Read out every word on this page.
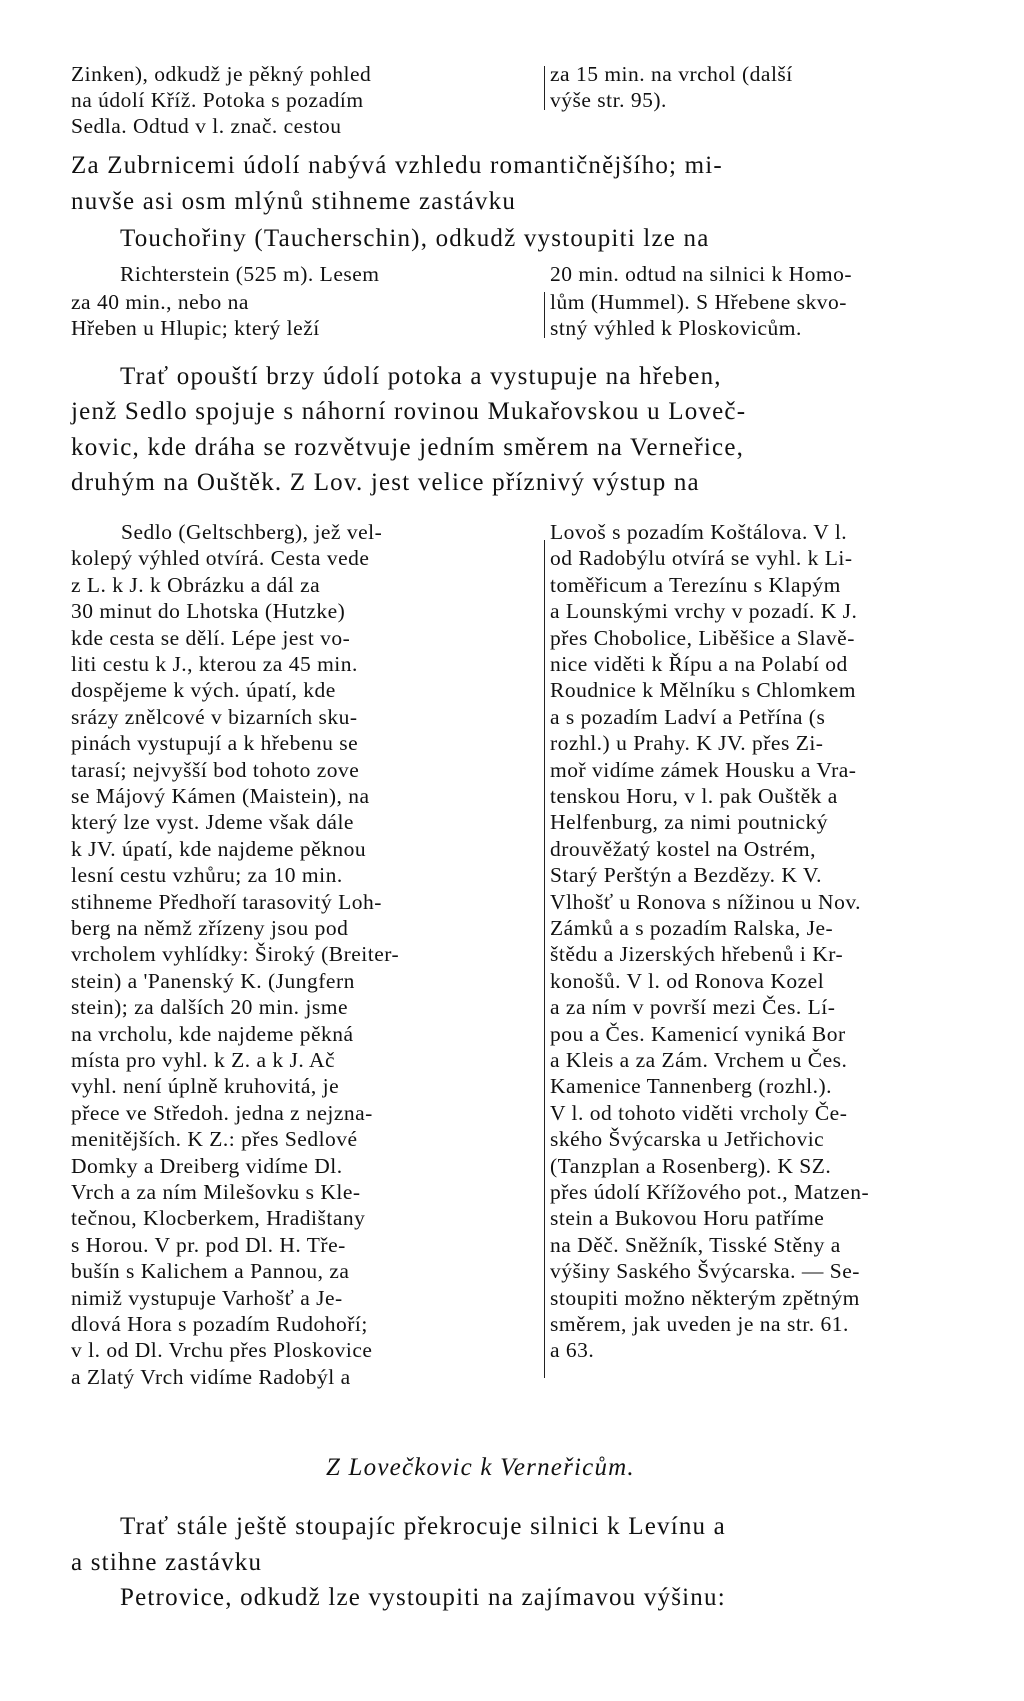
Zinken), odkudž je pěkný pohled
na údolí Kříž. Potoka s pozadím
Sedla. Odtud v l. znač. cestou
za 15 min. na vrchol (další
výše str. 95).
Za Zubrnicemi údolí nabývá vzhledu romantičnějšího; mi-
nuvše asi osm mlýnů stihneme zastávku
Touchořiny (Taucherschin), odkudž vystoupiti lze na
Richterstein (525 m). Lesem
za 40 min., nebo na
Hřeben u Hlupic; který leží
20 min. odtud na silnici k Homo-
lům (Hummel). S Hřebene skvo-
stný výhled k Ploskovicům.
Trať opouští brzy údolí potoka a vystupuje na hřeben,
jenž Sedlo spojuje s náhorní rovinou Mukařovskou u Loveč-
kovic, kde dráha se rozvětvuje jedním směrem na Verneřice,
druhým na Ouštěk. Z Lov. jest velice příznivý výstup na
Sedlo (Geltschberg), jež vel-
kolepý výhled otvírá. Cesta vede
z L. k J. k Obrázku a dál za
30 minut do Lhotska (Hutzke)
kde cesta se dělí. Lépe jest vo-
liti cestu k J., kterou za 45 min.
dospějeme k vých. úpatí, kde
srázy znělcové v bizarních sku-
pinách vystupují a k hřebenu se
tarasí; nejvyšší bod tohoto zove
se Májový Kámen (Maistein), na
který lze vyst. Jdeme však dále
k JV. úpatí, kde najdeme pěknou
lesní cestu vzhůru; za 10 min.
stihneme Předhoří tarasovitý Loh-
berg na němž zřízeny jsou pod
vrcholem vyhlídky: Široký (Breiter-
stein) a 'Panenský K. (Jungfern
stein); za dalších 20 min. jsme
na vrcholu, kde najdeme pěkná
místa pro vyhl. k Z. a k J. Ač
vyhl. není úplně kruhovitá, je
přece ve Středoh. jedna z nejzna-
menitějších. K Z.: přes Sedlové
Domky a Dreiberg vidíme Dl.
Vrch a za ním Milešovku s Kle-
tečnou, Klocberkem, Hradištany
s Horou. V pr. pod Dl. H. Tře-
bušín s Kalichem a Pannou, za
nimiž vystupuje Varhošť a Je-
dlová Hora s pozadím Rudohoří;
v l. od Dl. Vrchu přes Ploskovice
a Zlatý Vrch vidíme Radobýl a
Lovoš s pozadím Koštálova. V l.
od Radobýlu otvírá se vyhl. k Li-
toměřicum a Terezínu s Klapým
a Lounskými vrchy v pozadí. K J.
přes Chobolice, Liběšice a Slavě-
nice viděti k Řípu a na Polabí od
Roudnice k Mělníku s Chlomkem
a s pozadím Ladví a Petřína (s
rozhl.) u Prahy. K JV. přes Zi-
moř vidíme zámek Housku a Vra-
tenskou Horu, v l. pak Ouštěk a
Helfenburg, za nimi poutnický
drouvěžatý kostel na Ostrém,
Starý Perštýn a Bezdězy. K V.
Vlhošť u Ronova s nížinou u Nov.
Zámků a s pozadím Ralska, Je-
štědu a Jizerských hřebenů i Kr-
konošů. V l. od Ronova Kozel
a za ním v površí mezi Čes. Lí-
pou a Čes. Kamenicí vyniká Bor
a Kleis a za Zám. Vrchem u Čes.
Kamenice Tannenberg (rozhl.).
V l. od tohoto viděti vrcholy Če-
ského Švýcarska u Jetřichovic
(Tanzplan a Rosenberg). K SZ.
přes údolí Křížového pot., Matzen-
stein a Bukovou Horu patříme
na Děč. Sněžník, Tisské Stěny a
výšiny Saského Švýcarska. — Se-
stoupiti možno některým zpětným
směrem, jak uveden je na str. 61.
a 63.
Z Lovečkovic k Verneřicům.
Trať stále ještě stoupajíc překrocuje silnici k Levínu a
a stihne zastávku
Petrovice, odkudž lze vystoupiti na zajímavou výšinu:
